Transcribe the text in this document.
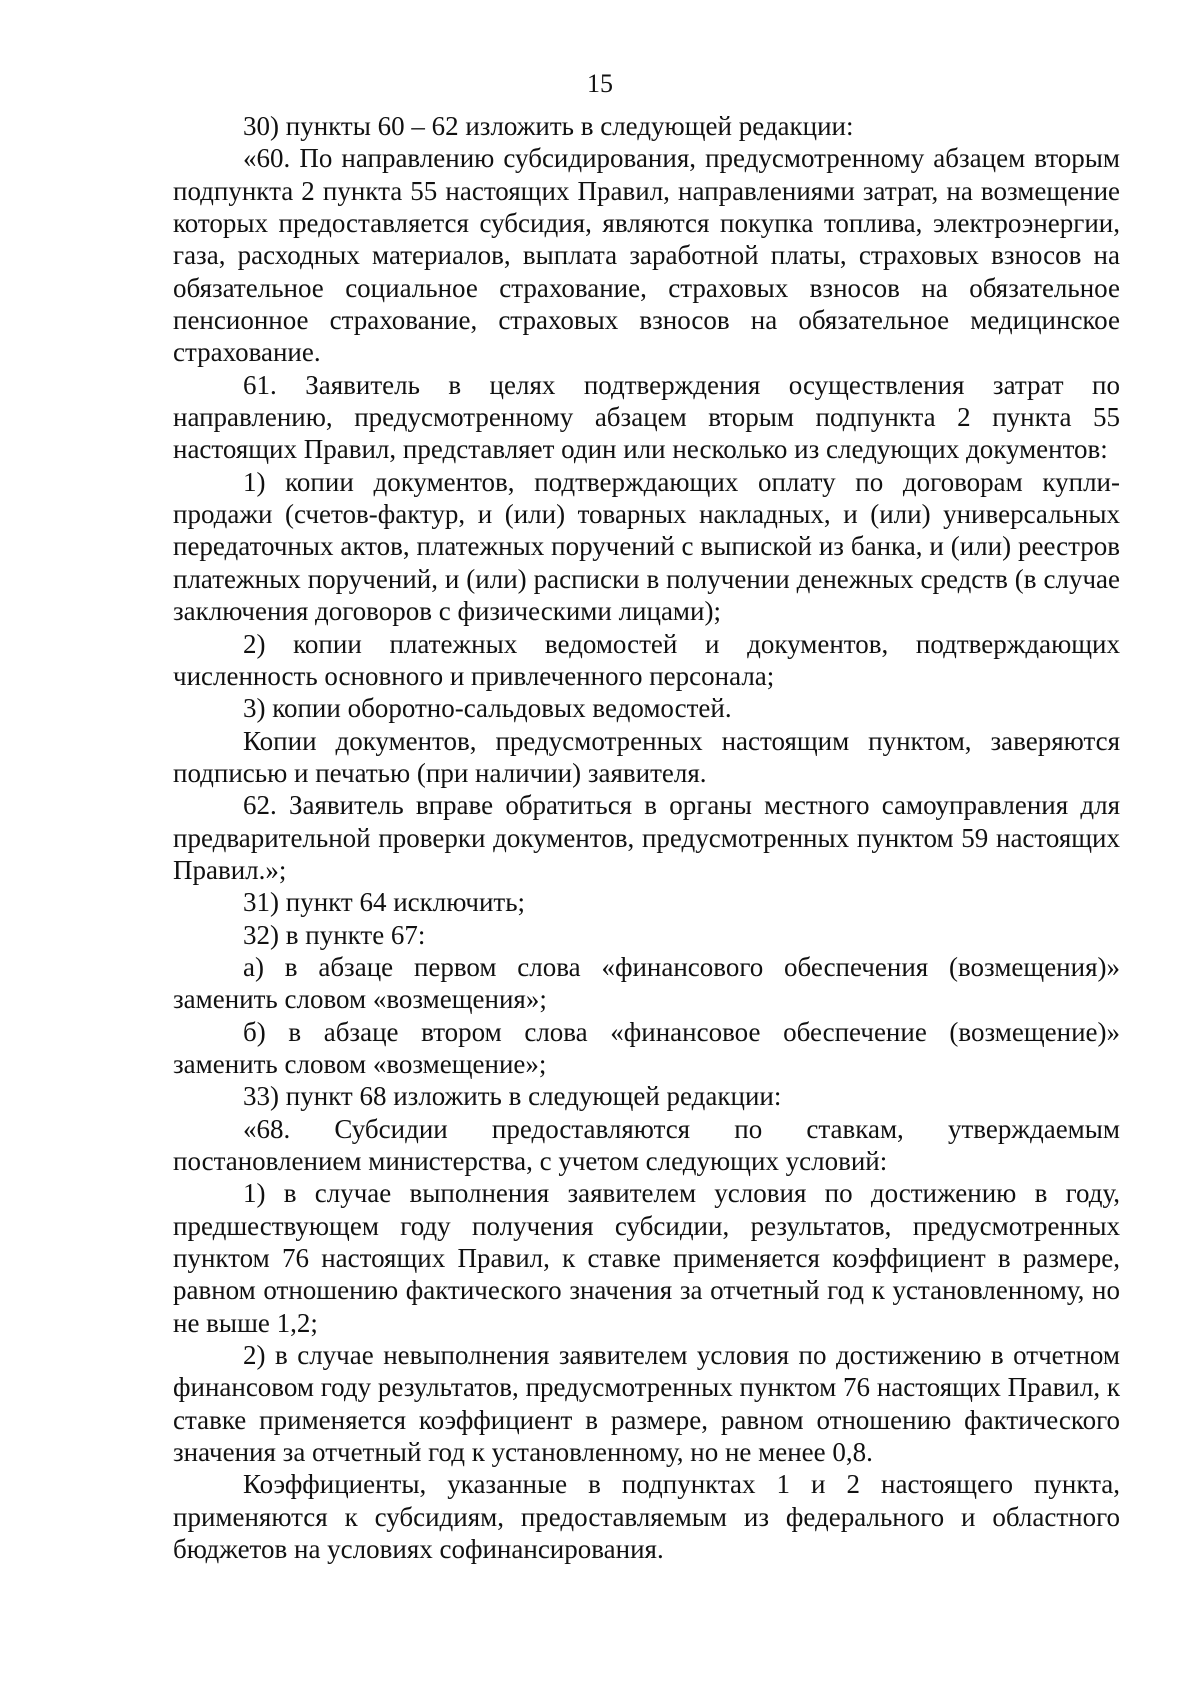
15

30) пункты 60 – 62 изложить в следующей редакции:

«60. По направлению субсидирования, предусмотренному абзацем вторым подпункта 2 пункта 55 настоящих Правил, направлениями затрат, на возмещение которых предоставляется субсидия, являются покупка топлива, электроэнергии, газа, расходных материалов, выплата заработной платы, страховых взносов на обязательное социальное страхование, страховых взносов на обязательное пенсионное страхование, страховых взносов на обязательное медицинское страхование.

61. Заявитель в целях подтверждения осуществления затрат по направлению, предусмотренному абзацем вторым подпункта 2 пункта 55 настоящих Правил, представляет один или несколько из следующих документов:

1) копии документов, подтверждающих оплату по договорам купли-продажи (счетов-фактур, и (или) товарных накладных, и (или) универсальных передаточных актов, платежных поручений с выпиской из банка, и (или) реестров платежных поручений, и (или) расписки в получении денежных средств (в случае заключения договоров с физическими лицами);

2) копии платежных ведомостей и документов, подтверждающих численность основного и привлеченного персонала;

3) копии оборотно-сальдовых ведомостей.

Копии документов, предусмотренных настоящим пунктом, заверяются подписью и печатью (при наличии) заявителя.

62. Заявитель вправе обратиться в органы местного самоуправления для предварительной проверки документов, предусмотренных пунктом 59 настоящих Правил.»;

31) пункт 64 исключить;

32) в пункте 67:

а) в абзаце первом слова «финансового обеспечения (возмещения)» заменить словом «возмещения»;

б) в абзаце втором слова «финансовое обеспечение (возмещение)» заменить словом «возмещение»;

33) пункт 68 изложить в следующей редакции:

«68. Субсидии предоставляются по ставкам, утверждаемым постановлением министерства, с учетом следующих условий:

1) в случае выполнения заявителем условия по достижению в году, предшествующем году получения субсидии, результатов, предусмотренных пунктом 76 настоящих Правил, к ставке применяется коэффициент в размере, равном отношению фактического значения за отчетный год к установленному, но не выше 1,2;

2) в случае невыполнения заявителем условия по достижению в отчетном финансовом году результатов, предусмотренных пунктом 76 настоящих Правил, к ставке применяется коэффициент в размере, равном отношению фактического значения за отчетный год к установленному, но не менее 0,8.

Коэффициенты, указанные в подпунктах 1 и 2 настоящего пункта, применяются к субсидиям, предоставляемым из федерального и областного бюджетов на условиях софинансирования.
